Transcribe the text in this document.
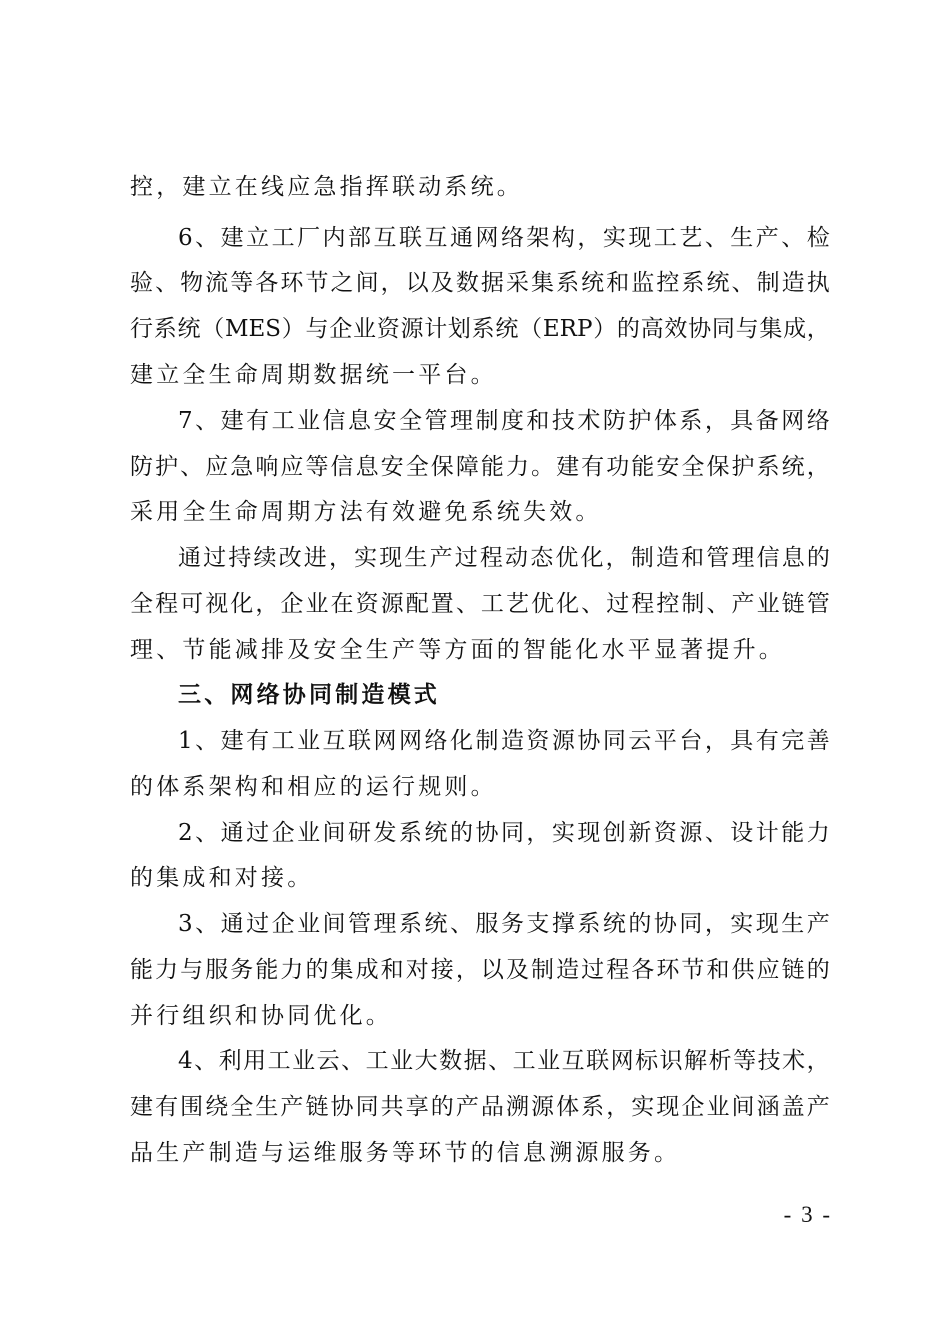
控，建立在线应急指挥联动系统。
6 、 建 立 工 厂 内 部 互 联 互 通 网 络 架 构 ， 实 现 工 艺 、 生 产 、 检
验 、 物 流 等 各 环 节 之 间 ， 以 及 数 据 采 集 系 统 和 监 控 系 统 、 制 造 执
行 系 统 （ MES ） 与 企 业 资 源 计 划 系 统 （ ERP ） 的 高 效 协 同 与 集 成 ，
建立全生命周期数据统一平台。
7 、 建 有 工 业 信 息 安 全 管 理 制 度 和 技 术 防 护 体 系 ， 具 备 网 络
防 护 、 应 急 响 应 等 信 息 安 全 保 障 能 力 。 建 有 功 能 安 全 保 护 系 统 ，
采用全生命周期方法有效避免系统失效。
通 过 持 续 改 进 ， 实 现 生 产 过 程 动 态 优 化 ， 制 造 和 管 理 信 息 的
全 程 可 视 化 ， 企 业 在 资 源 配 置 、 工 艺 优 化 、 过 程 控 制 、 产 业 链 管
理、节能减排及安全生产等方面的智能化水平显著提升。
三、网络协同制造模式
1 、 建 有 工 业 互 联 网 网 络 化 制 造 资 源 协 同 云 平 台 ， 具 有 完 善
的体系架构和相应的运行规则。
2 、 通 过 企 业 间 研 发 系 统 的 协 同 ， 实 现 创 新 资 源 、 设 计 能 力
的集成和对接。
3 、 通 过 企 业 间 管 理 系 统 、 服 务 支 撑 系 统 的 协 同 ， 实 现 生 产
能 力 与 服 务 能 力 的 集 成 和 对 接 ， 以 及 制 造 过 程 各 环 节 和 供 应 链 的
并行组织和协同优化。
4 、 利 用 工 业 云 、 工 业 大 数 据 、 工 业 互 联 网 标 识 解 析 等 技 术 ，
建 有 围 绕 全 生 产 链 协 同 共 享 的 产 品 溯 源 体 系 ， 实 现 企 业 间 涵 盖 产
品生产制造与运维服务等环节的信息溯源服务。
- 3 -
